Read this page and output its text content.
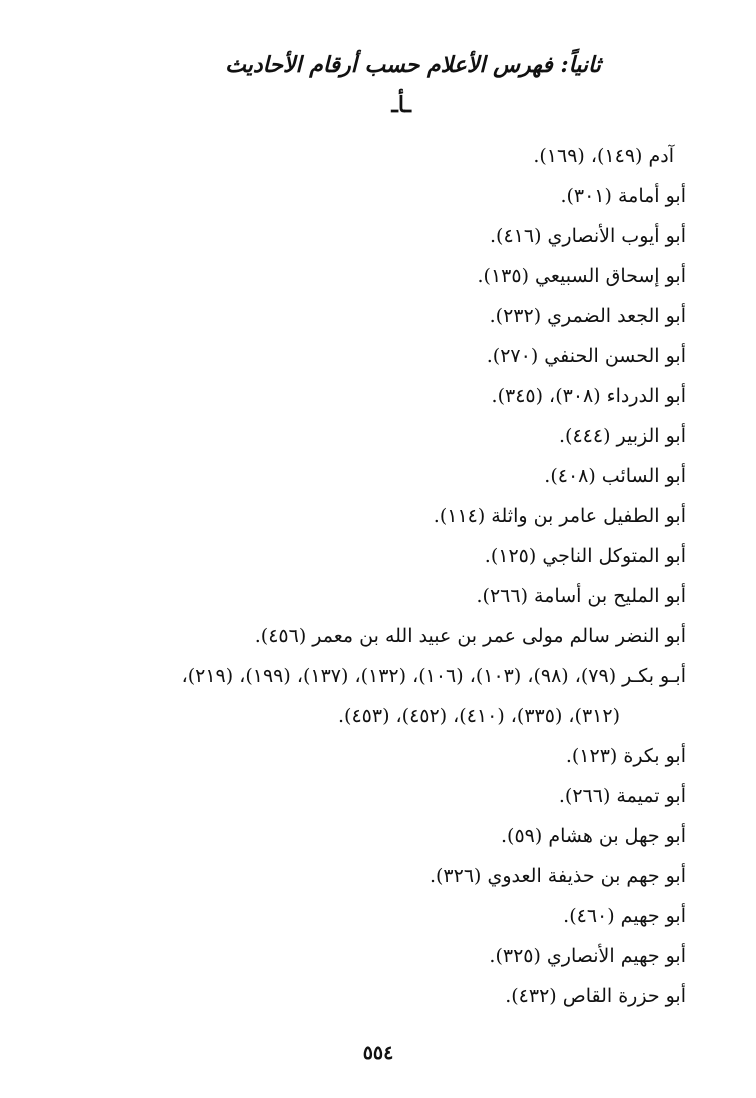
ثانياً: فهرس الأعلام حسب أرقام الأحاديث
ـأـ
آدم (١٤٩)، (١٦٩).
أبو أمامة (٣٠١).
أبو أيوب الأنصاري (٤١٦).
أبو إسحاق السبيعي (١٣٥).
أبو الجعد الضمري (٢٣٢).
أبو الحسن الحنفي (٢٧٠).
أبو الدرداء (٣٠٨)، (٣٤٥).
أبو الزبير (٤٤٤).
أبو السائب (٤٠٨).
أبو الطفيل عامر بن واثلة (١١٤).
أبو المتوكل الناجي (١٢٥).
أبو المليح بن أسامة (٢٦٦).
أبو النضر سالم مولى عمر بن عبيد الله بن معمر (٤٥٦).
أبـو بكـر (٧٩)، (٩٨)، (١٠٣)، (١٠٦)، (١٣٢)، (١٣٧)، (١٩٩)، (٢١٩)،
(٣١٢)، (٣٣٥)، (٤١٠)، (٤٥٢)، (٤٥٣).
أبو بكرة (١٢٣).
أبو تميمة (٢٦٦).
أبو جهل بن هشام (٥٩).
أبو جهم بن حذيفة العدوي (٣٢٦).
أبو جهيم (٤٦٠).
أبو جهيم الأنصاري (٣٢٥).
أبو حزرة القاص (٤٣٢).
٥٥٤
